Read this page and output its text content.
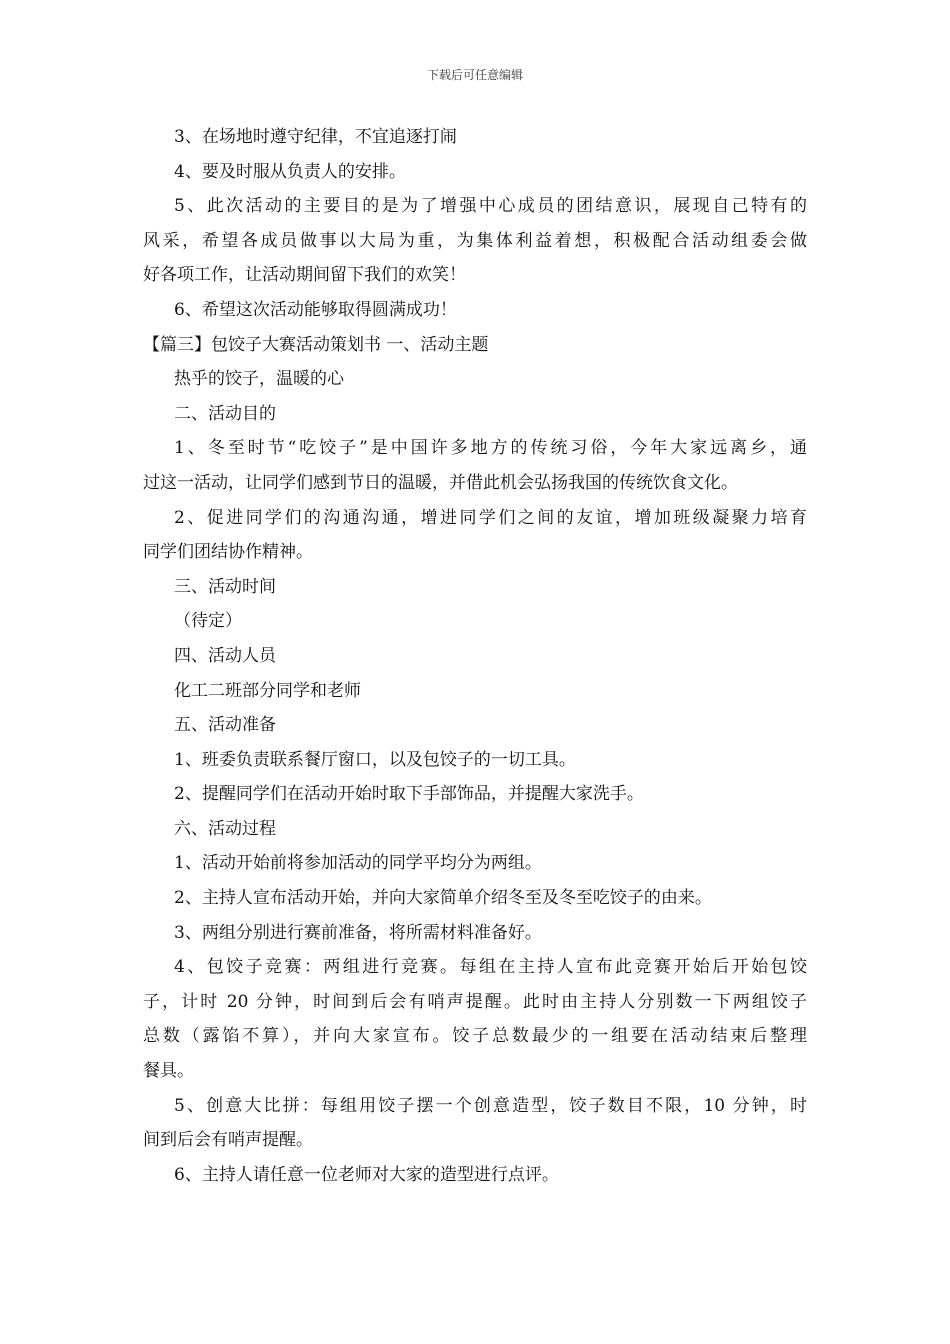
下载后可任意编辑
3、在场地时遵守纪律，不宜追逐打闹
4、要及时服从负责人的安排。
5、此次活动的主要目的是为了增强中心成员的团结意识，展现自己特有的
风采，希望各成员做事以大局为重，为集体利益着想，积极配合活动组委会做
好各项工作，让活动期间留下我们的欢笑！
6、希望这次活动能够取得圆满成功！
【篇三】包饺子大赛活动策划书 一、活动主题
热乎的饺子，温暖的心
二、活动目的
1、冬至时节“吃饺子”是中国许多地方的传统习俗，今年大家远离乡，通
过这一活动，让同学们感到节日的温暖，并借此机会弘扬我国的传统饮食文化。
2、促进同学们的沟通沟通，增进同学们之间的友谊，增加班级凝聚力培育
同学们团结协作精神。
三、活动时间
（待定）
四、活动人员
化工二班部分同学和老师
五、活动准备
1、班委负责联系餐厅窗口，以及包饺子的一切工具。
2、提醒同学们在活动开始时取下手部饰品，并提醒大家洗手。
六、活动过程
1、活动开始前将参加活动的同学平均分为两组。
2、主持人宣布活动开始，并向大家简单介绍冬至及冬至吃饺子的由来。
3、两组分别进行赛前准备，将所需材料准备好。
4、包饺子竞赛：两组进行竞赛。每组在主持人宣布此竞赛开始后开始包饺
子，计时 20 分钟，时间到后会有哨声提醒。此时由主持人分别数一下两组饺子
总数（露馅不算），并向大家宣布。饺子总数最少的一组要在活动结束后整理
餐具。
5、创意大比拼：每组用饺子摆一个创意造型，饺子数目不限，10 分钟，时
间到后会有哨声提醒。
6、主持人请任意一位老师对大家的造型进行点评。
